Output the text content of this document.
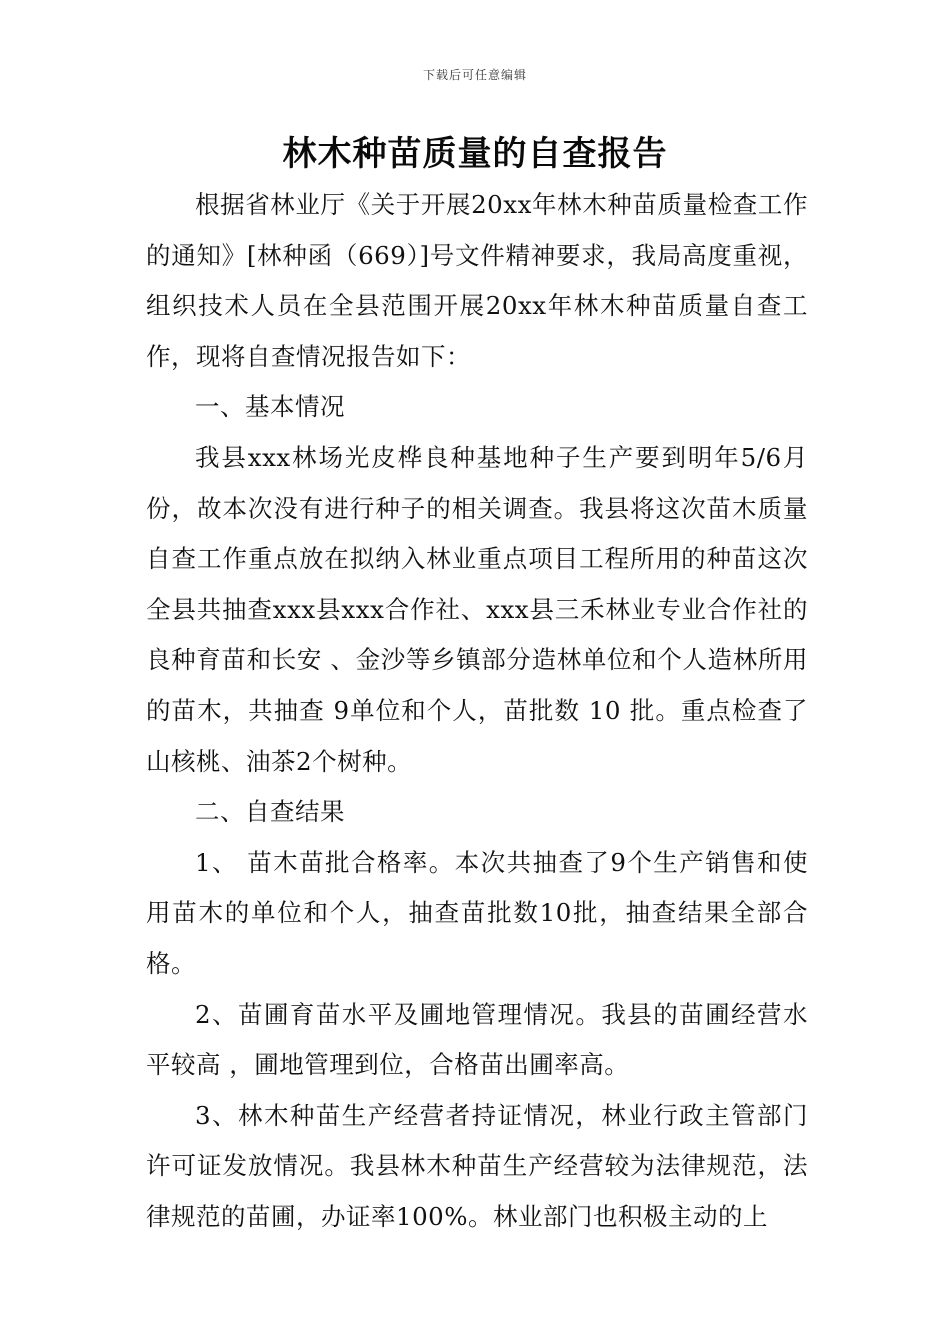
下载后可任意编辑
林木种苗质量的自查报告

根据省林业厅《关于开展20xx年林木种苗质量检查工作的通知》[林种函（669）]号文件精神要求，我局高度重视， 组织技术人员在全县范围开展20xx年林木种苗质量自查工作，现将自查情况报告如下：

一、基本情况

我县xxx林场光皮桦良种基地种子生产要到明年5/6月份，故本次没有进行种子的相关调查。我县将这次苗木质量自查工作重点放在拟纳入林业重点项目工程所用的种苗这次全县共抽查xxx县xxx合作社、xxx县三禾林业专业合作社的良种育苗和长安 、金沙等乡镇部分造林单位和个人造林所用的苗木，共抽查 9单位和个人，苗批数 10 批。重点检查了山核桃、油茶2个树种。

二、自查结果

1、 苗木苗批合格率。本次共抽查了9个生产销售和使用苗木的单位和个人，抽查苗批数10批，抽查结果全部合格。

2、苗圃育苗水平及圃地管理情况。我县的苗圃经营水平较高 ，圃地管理到位，合格苗出圃率高。

3、林木种苗生产经营者持证情况，林业行政主管部门许可证发放情况。我县林木种苗生产经营较为法律规范，法律规范的苗圃，办证率100%。林业部门也积极主动的上
